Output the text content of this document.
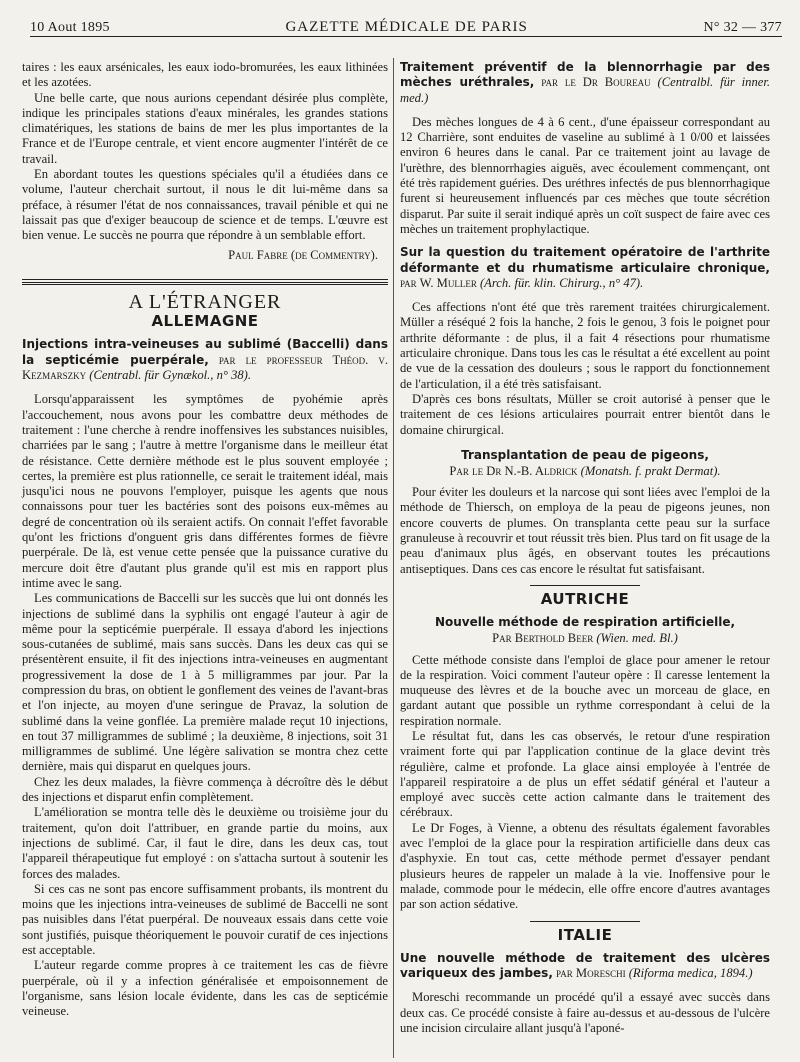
10 Aout 1895	GAZETTE MÉDICALE DE PARIS	N° 32 — 377

taires : les eaux arsénicales, les eaux iodo-bromurées, les eaux lithinées et les azotées.

Une belle carte, que nous aurions cependant désirée plus complète, indique les principales stations d'eaux minérales, les grandes stations climatériques, les stations de bains de mer les plus importantes de la France et de l'Europe centrale, et vient encore augmenter l'intérêt de ce travail.

En abordant toutes les questions spéciales qu'il a étudiées dans ce volume, l'auteur cherchait surtout, il nous le dit lui-même dans sa préface, à résumer l'état de nos connaissances, travail pénible et qui ne laissait pas que d'exiger beaucoup de science et de temps. L'œuvre est bien venue. Le succès ne pourra que répondre à un semblable effort.

Paul Fabre (de Commentry).
A L'ÉTRANGER
ALLEMAGNE
Injections intra-veineuses au sublimé (Baccelli) dans la septicémie puerpérale, par le professeur Théod. v. Kezmarszky (Centrabl. für Gynækol., n° 38).

Lorsqu'apparaissent les symptômes de pyohémie après l'accouchement, nous avons pour les combattre deux méthodes de traitement : l'une cherche à rendre inoffensives les substances nuisibles, charriées par le sang ; l'autre à mettre l'organisme dans le meilleur état de résistance. Cette dernière méthode est le plus souvent employée ; certes, la première est plus rationnelle, ce serait le traitement idéal, mais jusqu'ici nous ne pouvons l'employer, puisque les agents que nous connaissons pour tuer les bactéries sont des poisons eux-mêmes au degré de concentration où ils seraient actifs. On connait l'effet favorable qu'ont les frictions d'onguent gris dans différentes formes de fièvre puerpérale. De là, est venue cette pensée que la puissance curative du mercure doit être d'autant plus grande qu'il est mis en rapport plus intime avec le sang.

Les communications de Baccelli sur les succès que lui ont donnés les injections de sublimé dans la syphilis ont engagé l'auteur à agir de même pour la septicémie puerpérale. Il essaya d'abord les injections sous-cutanées de sublimé, mais sans succès. Dans les deux cas qui se présentèrent ensuite, il fit des injections intra-veineuses en augmentant progressivement la dose de 1 à 5 milligrammes par jour. Par la compression du bras, on obtient le gonflement des veines de l'avant-bras et l'on injecte, au moyen d'une seringue de Pravaz, la solution de sublimé dans la veine gonflée. La première malade reçut 10 injections, en tout 37 milligrammes de sublimé ; la deuxième, 8 injections, soit 31 milligrammes de sublimé. Une légère salivation se montra chez cette dernière, mais qui disparut en quelques jours.

Chez les deux malades, la fièvre commença à décroître dès le début des injections et disparut enfin complètement.

L'amélioration se montra telle dès le deuxième ou troisième jour du traitement, qu'on doit l'attribuer, en grande partie du moins, aux injections de sublimé. Car, il faut le dire, dans les deux cas, tout l'appareil thérapeutique fut employé : on s'attacha surtout à soutenir les forces des malades.

Si ces cas ne sont pas encore suffisamment probants, ils montrent du moins que les injections intra-veineuses de sublimé de Baccelli ne sont pas nuisibles dans l'état puerpéral. De nouveaux essais dans cette voie sont justifiés, puisque théoriquement le pouvoir curatif de ces injections est acceptable.

L'auteur regarde comme propres à ce traitement les cas de fièvre puerpérale, où il y a infection généralisée et empoisonnement de l'organisme, sans lésion locale évidente, dans les cas de septicémie veineuse.

Traitement préventif de la blennorrhagie par des mèches uréthrales, par le Dr Boureau (Centralbl. für inner. med.)

Des mèches longues de 4 à 6 cent., d'une épaisseur correspondant au 12 Charrière, sont enduites de vaseline au sublimé à 1 0/00 et laissées environ 6 heures dans le canal. Par ce traitement joint au lavage de l'urèthre, des blennorrhagies aiguës, avec écoulement commençant, ont été très rapidement guéries. Des uréthres infectés de pus blennorrhagique furent si heureusement influencés par ces mèches que toute sécrétion disparut. Par suite il serait indiqué après un coït suspect de faire avec ces mèches un traitement prophylactique.

Sur la question du traitement opératoire de l'arthrite déformante et du rhumatisme articulaire chronique, par W. Muller (Arch. für. klin. Chirurg., n° 47).

Ces affections n'ont été que très rarement traitées chirurgicalement. Müller a réséqué 2 fois la hanche, 2 fois le genou, 3 fois le poignet pour arthrite déformante : de plus, il a fait 4 résections pour rhumatisme articulaire chronique. Dans tous les cas le résultat a été excellent au point de vue de la cessation des douleurs ; sous le rapport du fonctionnement de l'articulation, il a été très satisfaisant.

D'après ces bons résultats, Müller se croit autorisé à penser que le traitement de ces lésions articulaires pourrait entrer bientôt dans le domaine chirurgical.

Transplantation de peau de pigeons,
Par le Dr N.-B. Aldrick (Monatsh. f. prakt Dermat).

Pour éviter les douleurs et la narcose qui sont liées avec l'emploi de la méthode de Thiersch, on employa de la peau de pigeons jeunes, non encore couverts de plumes. On transplanta cette peau sur la surface granuleuse à recouvrir et tout réussit très bien. Plus tard on fit usage de la peau d'animaux plus âgés, en observant toutes les précautions antiseptiques. Dans ces cas encore le résultat fut satisfaisant.

AUTRICHE
Nouvelle méthode de respiration artificielle,
Par Berthold Beer (Wien. med. Bl.)

Cette méthode consiste dans l'emploi de glace pour amener le retour de la respiration. Voici comment l'auteur opère : Il caresse lentement la muqueuse des lèvres et de la bouche avec un morceau de glace, en gardant autant que possible un rythme correspondant à celui de la respiration normale.

Le résultat fut, dans les cas observés, le retour d'une respiration vraiment forte qui par l'application continue de la glace devint très régulière, calme et profonde. La glace ainsi employée à l'entrée de l'appareil respiratoire a de plus un effet sédatif général et l'auteur a employé avec succès cette action calmante dans le traitement des cérébraux.

Le Dr Foges, à Vienne, a obtenu des résultats également favorables avec l'emploi de la glace pour la respiration artificielle dans deux cas d'asphyxie. En tout cas, cette méthode permet d'essayer pendant plusieurs heures de rappeler un malade à la vie. Inoffensive pour le malade, commode pour le médecin, elle offre encore d'autres avantages par son action sédative.

ITALIE
Une nouvelle méthode de traitement des ulcères variqueux des jambes, par Moreschi (Riforma medica, 1894.)

Moreschi recommande un procédé qu'il a essayé avec succès dans deux cas. Ce procédé consiste à faire au-dessus et au-dessous de l'ulcère une incision circulaire allant jusqu'à l'aponé-
